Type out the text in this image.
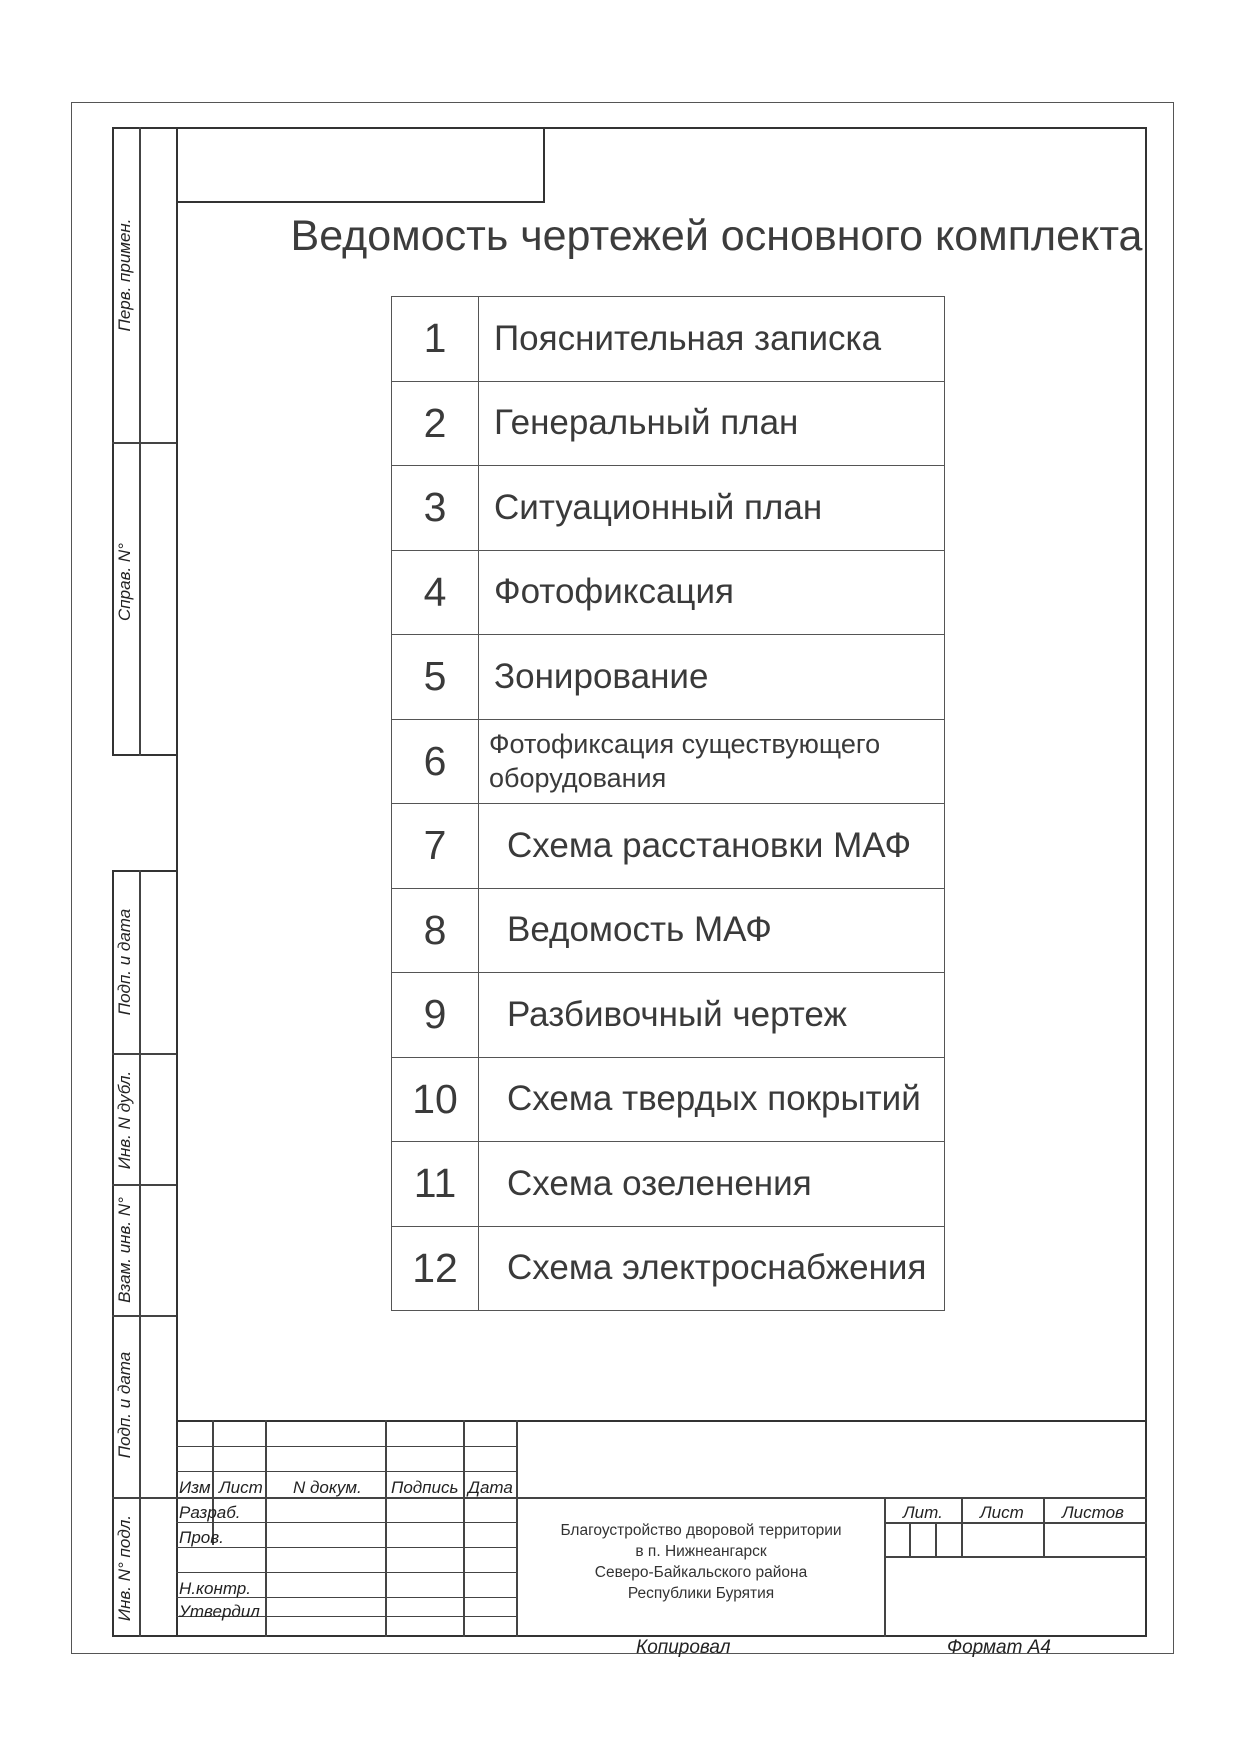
Перв. примен.
Справ. N°
Подп. и дата
Инв. N дубл.
Взам. инв. N°
Подп. и дата
Инв. N° подл.
Ведомость чертежей основного комплекта
1	Пояснительная записка
2	Генеральный план
3	Ситуационный план
4	Фотофиксация
5	Зонирование
6	Фотофиксация существующего оборудования
7	Схема расстановки МАФ
8	Ведомость МАФ
9	Разбивочный чертеж
10	Схема твердых покрытий
11	Схема озеленения
12	Схема электроснабжения
Изм Лист N докум. Подпись Дата
Разраб.
Пров.
Н.контр.
Утвердил
Благоустройство дворовой территории
в п. Нижнеангарск
Северо-Байкальского района
Республики Бурятия
Лит. Лист Листов
Копировал	Формат А4
